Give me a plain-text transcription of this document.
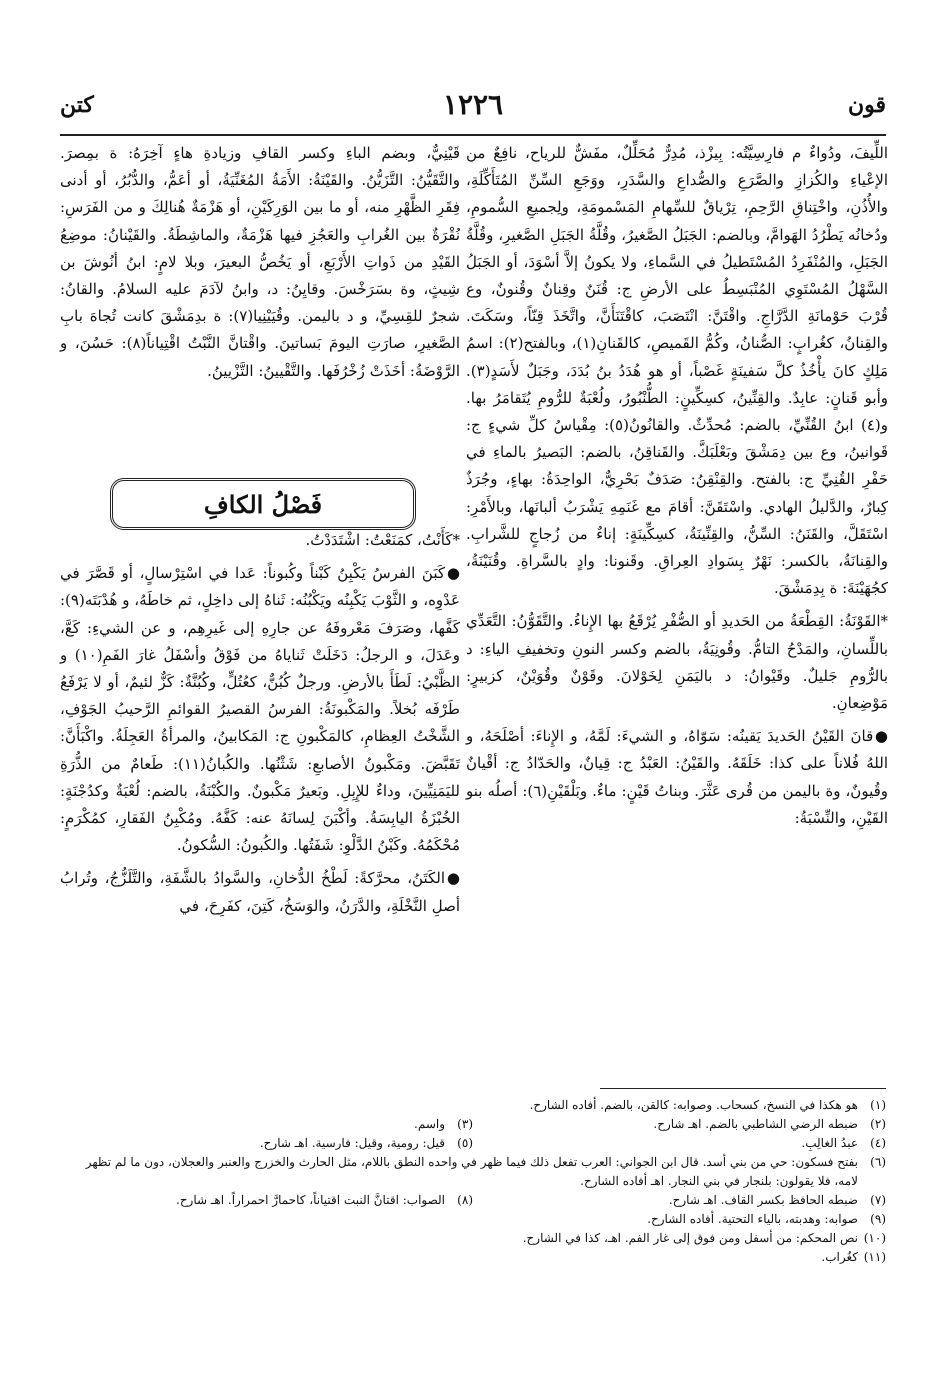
قون
١٢٢٦
كتن

اللِّيفَ، ودُواءٌ م فارِسِيَّتُه: بِيزْذ، مُدِرٌّ مُحَلِّلٌ، مفَشٌّ للرياح، نافِعٌ من الإعْياءِ والكُزازِ والصَّرَعِ والصُّداعِ والسَّدَرِ، ووَجَعِ السِّنِّ المُتَأَكِّلَةِ، والأُذُنِ، واخْتِناقِ الرَّحِمِ، تِرْياقٌ للسِّهامِ المَسْمومَةِ، ولِجميعِ السُّمومِ، ودُخانُه يَطْرُدُ الهَوامَّ، وبالضم: الجَبَلُ الصَّغيرُ، وقُلَّةُ الجَبَلِ الصَّغيرِ، وقُلَّةُ الجَبَلِ، والمُنْفَرِدُ المُسْتَطيلُ في السَّماءِ، ولا يكونُ إلاَّ أسْوَدَ، أو الجَبَلُ السَّهْلُ المُسْتَوِي المُنْبَسِطُ على الأرضِ ج: قُنَنٌ وقِنانٌ وقُنونٌ، وع قُرْبَ حَوْمانَةِ الدَّرَّاجِ. واقْتَنَّ: انْتَصَبَ، كاقْتَنَأَنَّ، واتَّخَذَ قِنّاً، وسَكَتَ. والقِنانُ، كغُرابٍ: الصُّنانُ، وكُمُّ القَميصِ، كالقَنانِ(١)، وبالفتح(٢): اسمُ مَلِكٍ كانَ يأْخُذُ كلَّ سَفينَةٍ غَصْباً، أو هو هُدَدُ بنُ بُدَدَ، وجَبَلٌ لأَسَدٍ(٣). وأبو قَنانٍ: عابِدٌ. والقِنِّينُ، كسِكِّينٍ: الطُّنْبُورُ، ولُعْبَةٌ للرُّومِ يُتَقامَرُ بها. و(٤) ابنُ القُنِّيِّ، بالضم: مُحدِّثٌ. والقانُونُ(٥): مِقْياسُ كلِّ شيءٍ ج: قَوانينُ، وع بين دِمَشْقَ وبَعْلَبَكَّ. والقَناقِنُ، بالضم: البَصيرُ بالماءِ في حَفْرِ القُنِيِّ ج: بالفتح. والقِنْقِنُ: صَدَفٌ بَحْرِيٌّ، الواحِدَةُ: بهاءٍ، وجُرَذٌ كِبارٌ، والدَّليلُ الهادي. واسْتَقَنَّ: أقامَ مع غَنَمِهِ يَشْرَبُ ألبانَها، وبالأَمْرِ: اسْتَقَلَّ، والقَنَنُ: السِّنُّ، والقِنِّينَةُ، كسِكِّينَةٍ: إناءٌ من زُجاجٍ للشَّرابِ. والقِنانَةُ، بالكسر: نَهْرٌ بِسَوادِ العِراقِ. وقَنونا: وادٍ بالسَّراةِ. وقُنَيْنَةُ، كجُهَيْنَةَ: ة بِدِمَشْقَ.

*القَوْنَةُ: القِطْعَةُ من الحَديدِ أو الصُّفْرِ يُرْقَعُ بها الإِناءُ. والتَّقَوُّنُ: التَّعَدِّي باللِّسانِ، والمَدْحُ التامُّ. وقُونِيَةُ، بالضم وكسر النونِ وتخفيفِ الياءِ: د بالرُّومِ جَليلٌ. وقَيْوانُ: د باليَمَنِ لِخَوْلانَ. وقَوْنٌ وقُوَيْنٌ، كزبيرٍ: مَوْضِعانِ.

●قانَ القَيْنُ الحَديدَ يَقينُه: سَوّاهُ، و الشيءَ: لَمَّهُ، و الإِناءَ: أصْلَحَهُ، و اللهُ فُلاناً على كذا: خَلَقَهُ. والقَيْنُ: العَبْدُ ج: قِيانٌ، والحَدّادُ ج: أقْيانٌ وقُيونٌ، وة باليمن من قُرى عَثَّرَ. وبناتُ قَيْنٍ: ماءٌ. وبَلْقَيْنِ(٦): أصلُه بنو القَيْنِ، والنِّسْبَةُ:

قَيْنِيٌّ، وبضم الباءِ وكسر القافِ وزيادةِ هاءٍ آخِرَهُ: ة بمِصرَ. والتَّقَيُّنُ: التَّزَيُّنُ. والقَيْنَةُ: الأَمَةُ المُغَنِّيَةُ، أو أعَمُّ، والدُّبُرُ، أو أدنى فِقَرِ الظَّهْرِ منه، أو ما بين الوَرِكَيْنِ، أو هَزْمَةٌ هُنالِكَ و من الفَرَسِ: نُقْرَةٌ بين الغُرابِ والعَجُزِ فيها هَزْمَةٌ، والماشِطَةُ. والقَيْنانُ: موضِعُ القَيْدِ من ذَواتِ الأَرْبَعِ، أو يَخُصُّ البعيرَ، وبلا لامٍ: ابنُ أنُوشَ بن شِيثٍ، وة بسَرَخْسَ. وقايِنُ: د، وابنُ لآدَمَ عليه السلامُ. والقانُ: شجرٌ للقِسِيِّ، و د باليمن. وقُيَيْنِيا(٧): ة بدِمَشْقَ كانت تُجاهَ بابِ الصَّغيرِ، صارَتِ اليومَ بَساتينَ. واقْتانَّ النَّبْتُ اقْتِياناً(٨): حَسُنَ، و الرَّوْضَةُ: أخَذَتْ زُخْرُفَها. والتَّقْيينُ: التَّزْيينُ.

فَصْلُ الكافِ

*كَأَنْتُ، كمَنَعْتُ: اشْتَدَدْتُ.

●كَبَنَ الفرسُ يَكْبِنُ كَبْناً وكُبوناً: عَدا في اسْتِرْسالٍ، أو قَصَّرَ في عَدْوِه، و الثَّوْبَ يَكْبِنُه ويَكْبُنُه: ثَناهُ إلى داخِلٍ، ثم خاطَهُ، و هُدْبَتَه(٩): كَفَّها، وصَرَفَ مَعْروفَهُ عن جارِهِ إلى غَيرِهِم، و عن الشيءِ: كَعَّ، وعَدَلَ، و الرجلُ: دَخَلَتْ ثَناياهُ من فَوْقُ وأسْفَلُ غارَ الفَمِ(١٠) و الظَّبْيُ: لَطَأَ بالأرضِ. ورجلٌ كُبُنٌّ، كعُتُلٍّ، وكُبُنَّةٌ: كَزٌّ لئيمٌ، أو لا يَرْفَعُ طَرْفَه بُخلاً. والمَكْبونَةُ: الفرسُ القصيرُ القوائمِ الرَّحيبُ الجَوْفِ، الشَّخْتُ العِظامِ، كالمَكْبونِ ج: المَكابينُ، والمرأةُ العَجِلَةُ. واكْبَأَنَّ: تَقَبَّضَ. ومَكْبونُ الأصابعِ: شَثْنُها. والكُبانُ(١١): طَعامٌ من الذُّرَةِ لليَمَنِيِّينَ، وداءٌ للإِبِلِ. وبَعيرٌ مَكْبونٌ. والكُبْنَةُ، بالضم: لُعْبَةٌ وكدُجْنَةٍ: الخُبْزَةُ اليابِسَةُ. وأكْبَنَ لِسانَهُ عنه: كَفَّهُ. ومُكْبِنُ الفَقارِ، كمُكْرَمٍ: مُحْكَمُهُ. وكَبْنُ الدَّلْوِ: شَفَتُها. والكُبونُ: السُّكونُ.

●الكَتَنُ، محرَّكةً: لَطْخُ الدُّخانِ، والسَّوادُ بالشَّفَةِ، والتَّلَزُّجُ، وتُرابُ أصلِ النَّخْلَةِ، والدَّرَنُ، والوَسَخُ، كَتِنَ، كفَرِحَ، في

(١)
هو هكذا في النسخ، كسحاب. وصوابه: كالقن، بالضم. أفاده الشارح.
(٢)
ضبطه الرضي الشاطبي بالضم. اهـ شارح.
(٣)
واسم.
(٤)
عبدُ الغالِبِ.
(٥)
قيل: رومية، وقيل: فارسية. اهـ شارح.
(٦)
بفتح فسكون: حي من بني أسد. قال ابن الجواني: العرب تفعل ذلك فيما ظهر في واحده النطق باللام، مثل الحارث والخزرج والعنبر والعجلان، دون ما لم تظهر لامه، فلا يقولون: بلنجار في بني النجار. اهـ أفاده الشارح.
(٧)
ضبطه الحافظ بكسر القاف. اهـ شارح.
(٨)
الصواب: اقتانَّ النبت اقتياناً، كاحمارَّ احمراراً. اهـ شارح.
(٩)
صوابه: وهدبته، بالياء التحتية. أفاده الشارح.
(١٠)
نص المحكم: من أسفل ومن فوق إلى غار الفم. اهـ، كذا في الشارح.
(١١)
كغُراب.
